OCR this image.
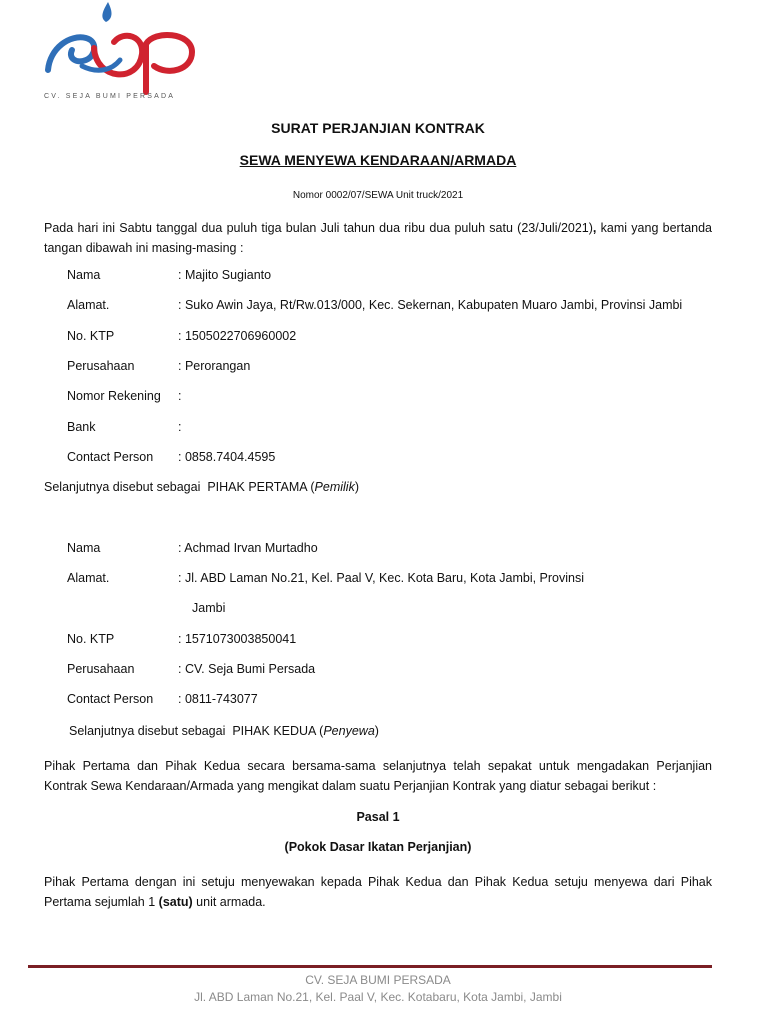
CV. SEJA BUMI PERSADA
SURAT PERJANJIAN KONTRAK
SEWA MENYEWA KENDARAAN/ARMADA
Nomor 0002/07/SEWA Unit truck/2021
Pada hari ini Sabtu tanggal dua puluh tiga bulan Juli tahun dua ribu dua puluh satu (23/Juli/2021), kami yang bertanda tangan dibawah ini masing-masing :
Nama	: Majito Sugianto
Alamat.	: Suko Awin Jaya, Rt/Rw.013/000, Kec. Sekernan, Kabupaten Muaro Jambi, Provinsi Jambi
No. KTP	: 1505022706960002
Perusahaan	: Perorangan
Nomor Rekening :
Bank	:
Contact Person : 0858.7404.4595
Selanjutnya disebut sebagai PIHAK PERTAMA (Pemilik)
Nama	: Achmad Irvan Murtadho
Alamat.	: Jl. ABD Laman No.21, Kel. Paal V, Kec. Kota Baru, Kota Jambi, Provinsi
Jambi
No. KTP	: 1571073003850041
Perusahaan	: CV. Seja Bumi Persada
Contact Person : 0811-743077
Selanjutnya disebut sebagai PIHAK KEDUA (Penyewa)
Pihak Pertama dan Pihak Kedua secara bersama-sama selanjutnya telah sepakat untuk mengadakan Perjanjian Kontrak Sewa Kendaraan/Armada yang mengikat dalam suatu Perjanjian Kontrak yang diatur sebagai berikut :
Pasal 1
(Pokok Dasar Ikatan Perjanjian)
Pihak Pertama dengan ini setuju menyewakan kepada Pihak Kedua dan Pihak Kedua setuju menyewa dari Pihak Pertama sejumlah 1 (satu) unit armada.
CV. SEJA BUMI PERSADA
Jl. ABD Laman No.21, Kel. Paal V, Kec. Kotabaru, Kota Jambi, Jambi
